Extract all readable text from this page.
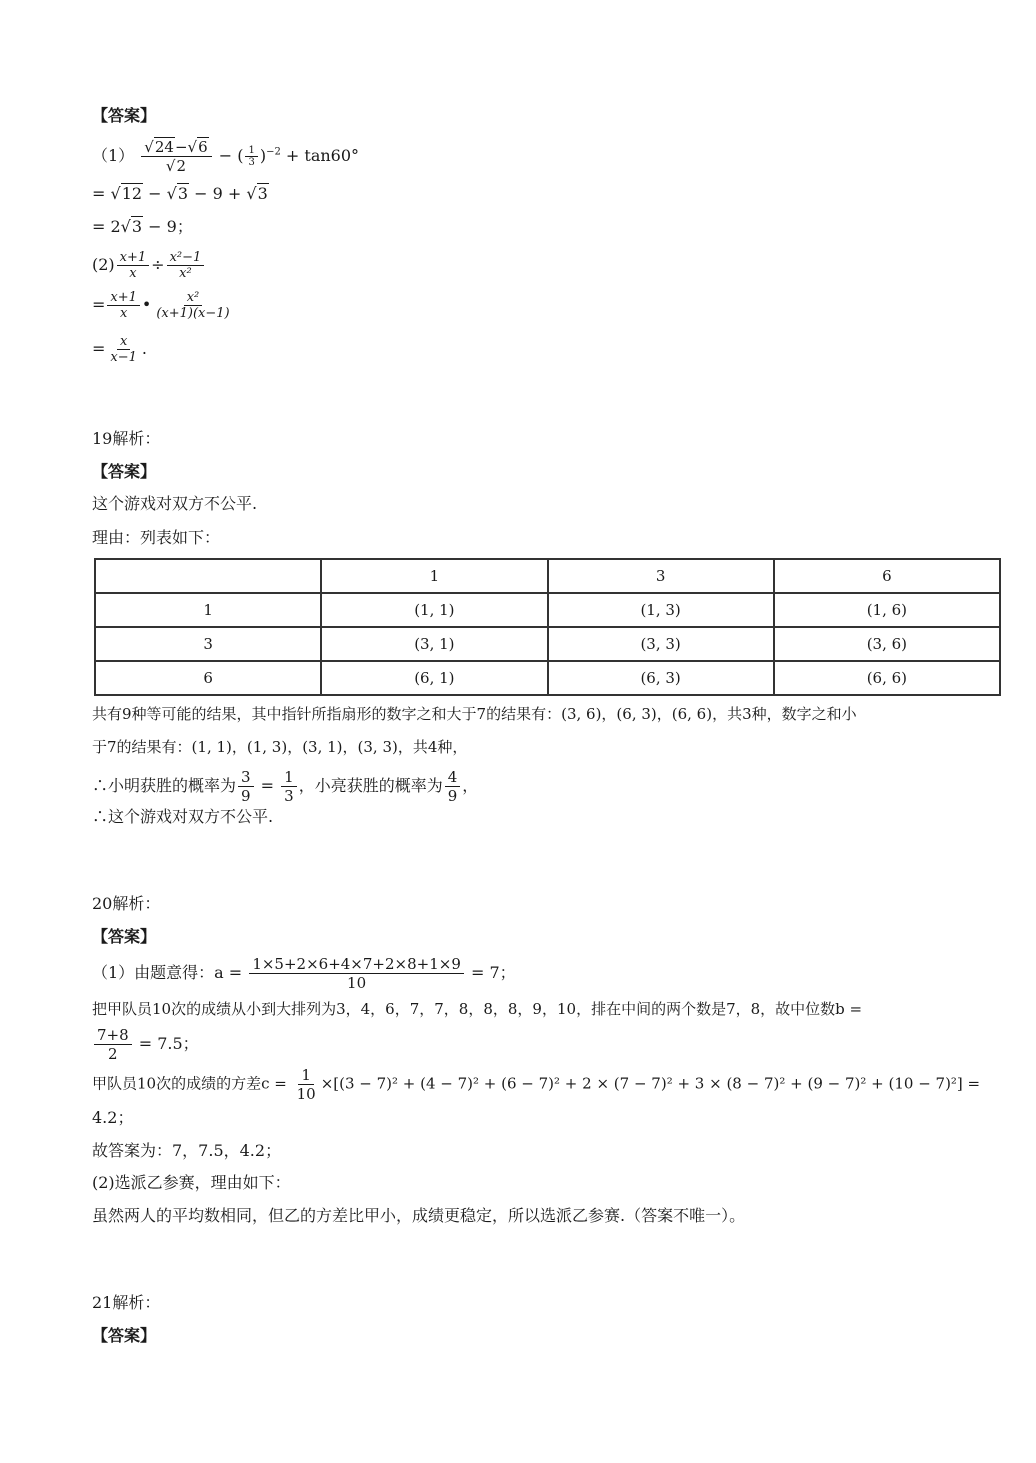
【答案】
$(1) \frac{√24-√6}{√2}$ − ( $\frac{1}{3} )^{-2} + \tan 60^\circ$
= √12 − √3 − 9 + √3
= 2√3 − 9；
$(2) \frac{x+1}{x} \div \frac{\text{x²−1}}{\text{x²}}$
= $\frac{x+1}{x}$ • $\frac{\text{x²}}{(x+1)(x-1)}$
= $\frac{x}{x-1}$ .
19解析：
【答案】
这个游戏对双方不公平.
理由：列表如下：
	1	3	6
1	(1, 1)	(1, 3)	(1, 6)
3	(3, 1)	(3, 3)	(3, 6)
6	(6, 1)	(6, 3)	(6, 6)
共有9种等可能的结果，其中指针所指扇形的数字之和大于7的结果有：(3, 6)，(6, 3)，(6, 6)，共3种，数字之和小
于7的结果有：(1, 1)，(1, 3)，(3, 1)，(3, 3)，共4种，
∴小明获胜的概率为 $\frac{3}{9} = \frac{1}{3}$ ，小亮获胜的概率为 $\frac{4}{9}$ ，
∴这个游戏对双方不公平.
20解析：
【答案】
（1）由题意得：$a = \frac{1\times 5+2\times 6+4\times 7+2\times 8+1\times 9}{10} = 7$；
把甲队员10次的成绩从小到大排列为3，4，6，7，7，8，8，8，9，10，排在中间的两个数是7，8，故中位数b =
$\frac{7+8}{2} = 7.5$；
甲队员10次的成绩的方差$c = \frac{1}{10} \times[(3 - 7)^2 + (4 - 7)^2 + (6 - 7)^2 + 2 \times (7 - 7)^2 + 3 \times (8 - 7)^2 + (9 - 7)^2 + (10 - 7)^2]$ =
4.2；
故答案为：7，7.5，4.2；
(2)选派乙参赛，理由如下：
虽然两人的平均数相同，但乙的方差比甲小，成绩更稳定，所以选派乙参赛.（答案不唯一）。
21解析：
【答案】
